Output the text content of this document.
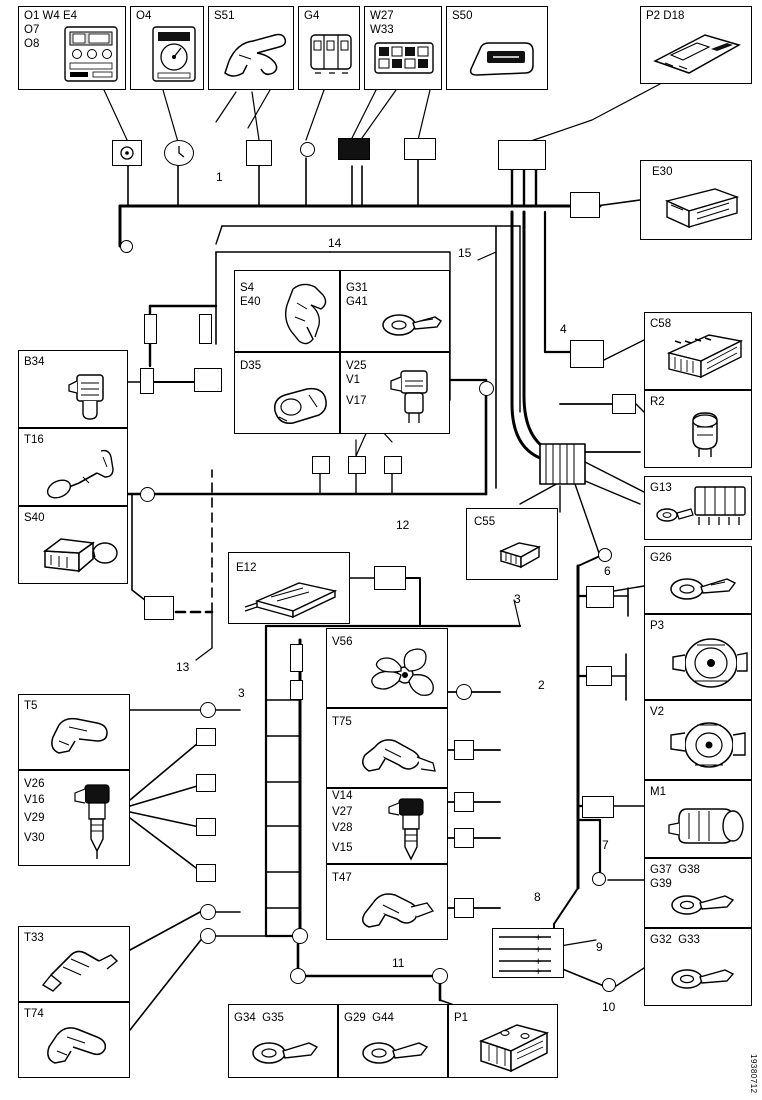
+
+
+
+
O1 W4 E4
O7
O8
O4	S51	G4	W27
W33
S50	P2 D18
E30
S4
E40
G31
G41
D35	V25
V1
V17
B34
T16
S40
C58
R2
G13
G26
P3
V2
M1
G37  G38
G39
G32  G33
E12
C55
T5
V26
V16
V29
V30
T33
T74
V56
T75
V14
V27
V28
V15
T47
G34  G35	G29  G44	P1
1
14
15
4
12
13
6
3
3
2
7
8
9
10
11
19380712
